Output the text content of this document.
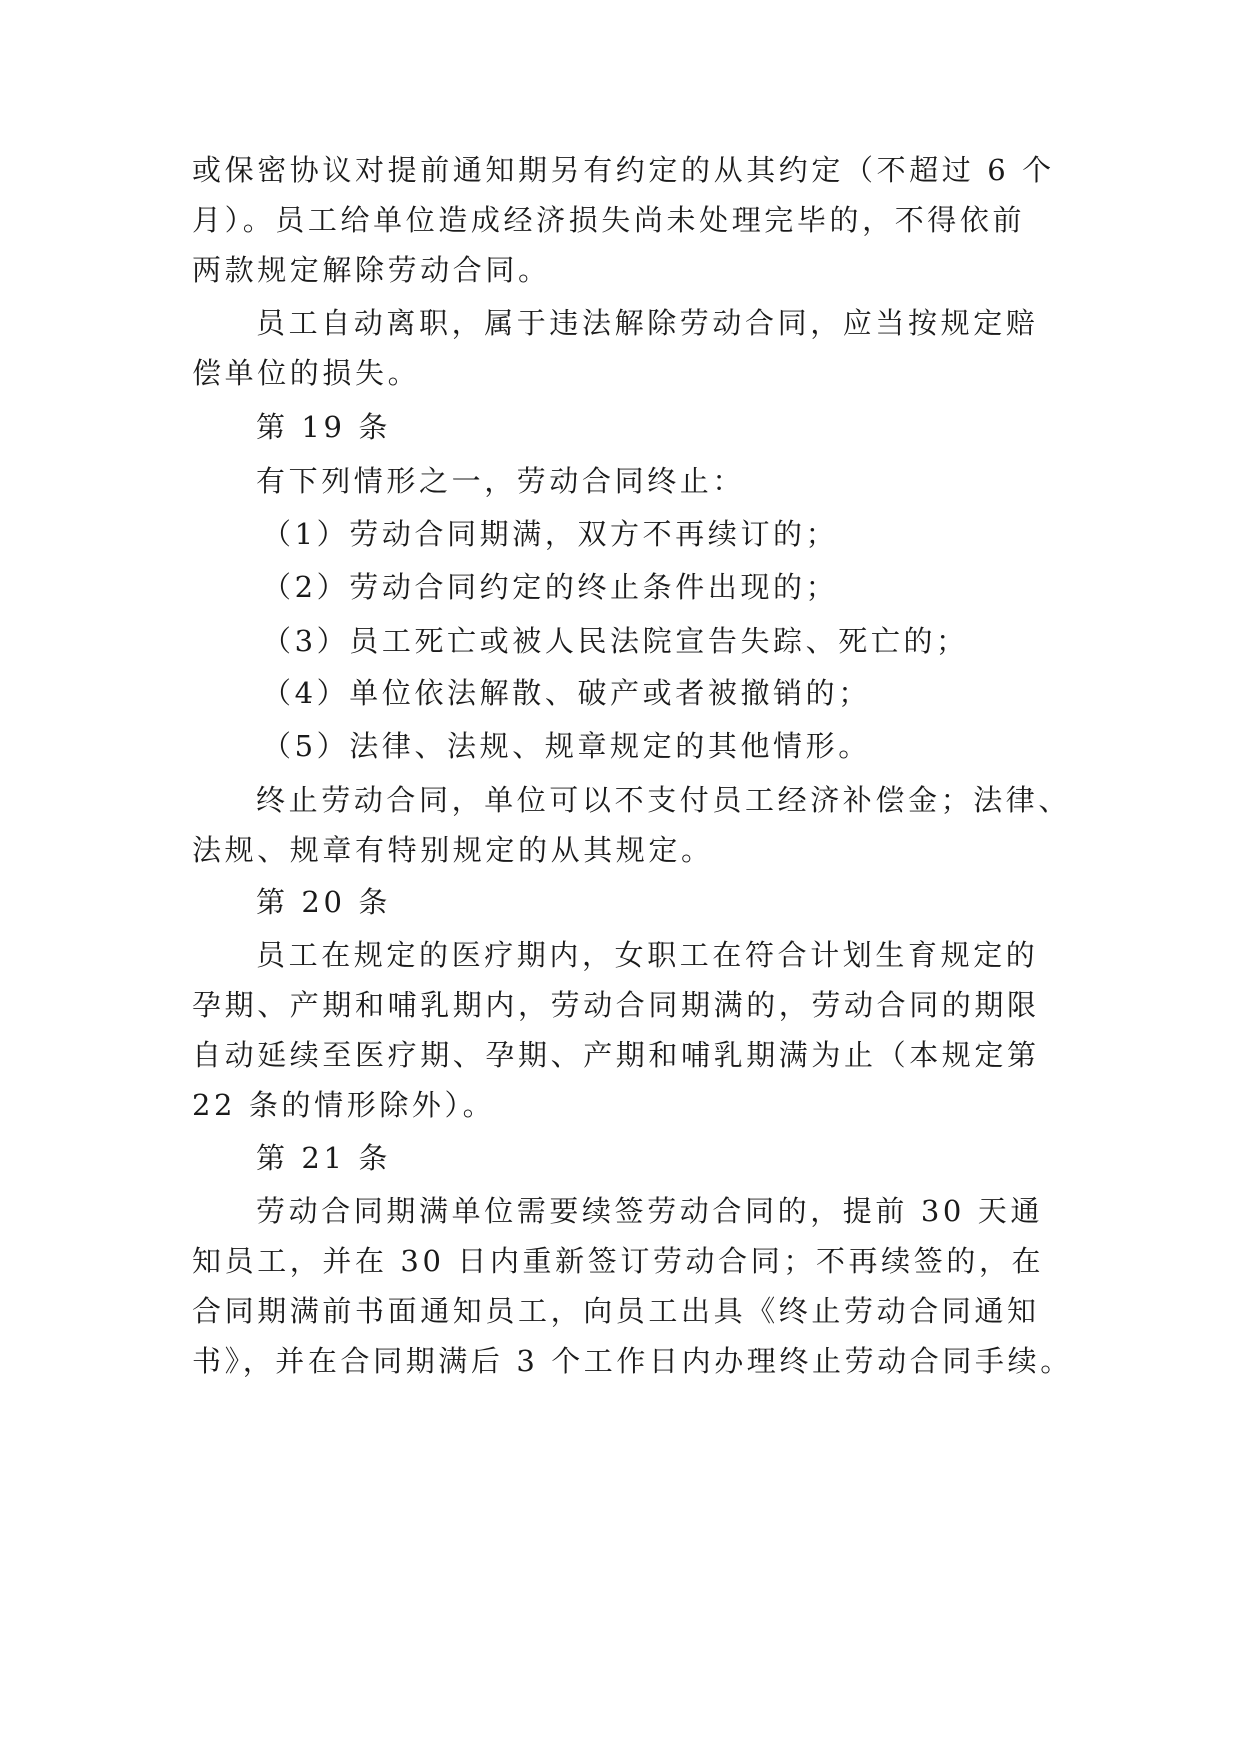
或保密协议对提前通知期另有约定的从其约定（不超过 6 个
月）。员工给单位造成经济损失尚未处理完毕的，不得依前
两款规定解除劳动合同。
员工自动离职，属于违法解除劳动合同，应当按规定赔
偿单位的损失。
第 19 条
有下列情形之一，劳动合同终止：
（1）劳动合同期满，双方不再续订的；
（2）劳动合同约定的终止条件出现的；
（3）员工死亡或被人民法院宣告失踪、死亡的；
（4）单位依法解散、破产或者被撤销的；
（5）法律、法规、规章规定的其他情形。
终止劳动合同，单位可以不支付员工经济补偿金；法律、
法规、规章有特别规定的从其规定。
第 20 条
员工在规定的医疗期内，女职工在符合计划生育规定的
孕期、产期和哺乳期内，劳动合同期满的，劳动合同的期限
自动延续至医疗期、孕期、产期和哺乳期满为止（本规定第
22 条的情形除外）。
第 21 条
劳动合同期满单位需要续签劳动合同的，提前 30 天通
知员工，并在 30 日内重新签订劳动合同；不再续签的，在
合同期满前书面通知员工，向员工出具《终止劳动合同通知
书》，并在合同期满后 3 个工作日内办理终止劳动合同手续。
